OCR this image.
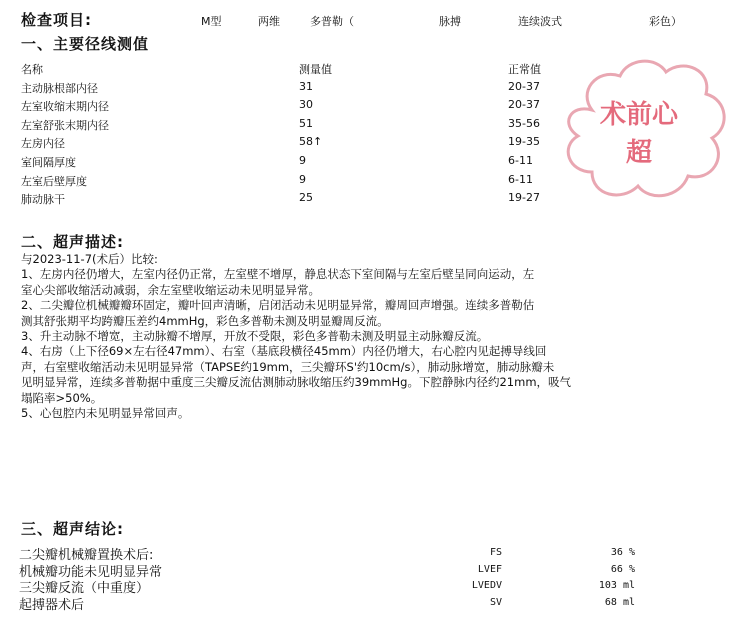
检查项目:	M型	两维	多普勒（	脉搏	连续波式	彩色）
一、主要径线测值
名称	测量值	正常值
主动脉根部内径	31	20-37
左室收缩末期内径	30	20-37
左室舒张末期内径	51	35-56
左房内径	58↑	19-35
室间隔厚度	9	6-11
左室后壁厚度	9	6-11
肺动脉干	25	19-27
术前心
超
二、超声描述:
与2023-11-7(术后）比较:
1、左房内径仍增大，左室内径仍正常，左室壁不增厚，静息状态下室间隔与左室后壁呈同向运动，左
室心尖部收缩活动减弱，余左室壁收缩运动未见明显异常。
2、二尖瓣位机械瓣瓣环固定，瓣叶回声清晰，启闭活动未见明显异常，瓣周回声增强。连续多普勒估
测其舒张期平均跨瓣压差约4mmHg，彩色多普勒未测及明显瓣周反流。
3、升主动脉不增宽，主动脉瓣不增厚，开放不受限，彩色多普勒未测及明显主动脉瓣反流。
4、右房（上下径69×左右径47mm）、右室（基底段横径45mm）内径仍增大，右心腔内见起搏导线回
声，右室壁收缩活动未见明显异常（TAPSE约19mm，三尖瓣环S'约10cm/s），肺动脉增宽，肺动脉瓣未
见明显异常，连续多普勒据中重度三尖瓣反流估测肺动脉收缩压约39mmHg。下腔静脉内径约21mm，吸气
塌陷率>50%。
5、心包腔内未见明显异常回声。
三、超声结论:
二尖瓣机械瓣置换术后:	FS	36 %
机械瓣功能未见明显异常	LVEF	66 %
三尖瓣反流（中重度）	LVEDV	103 ml
起搏器术后	SV	68 ml
